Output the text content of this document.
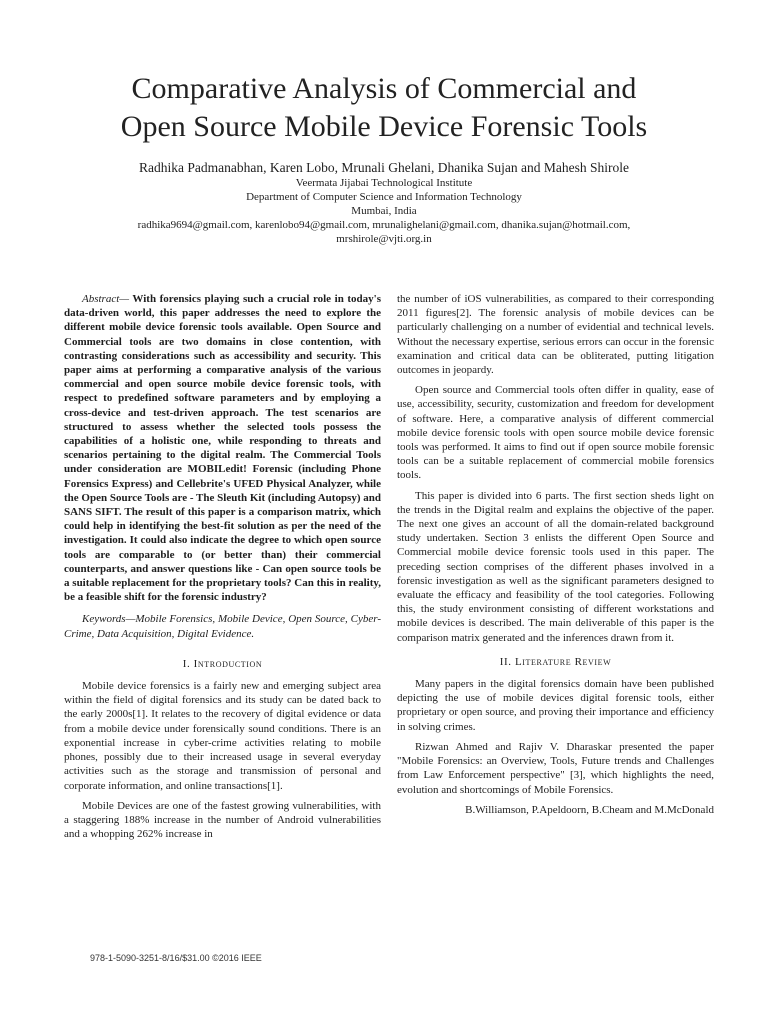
Comparative Analysis of Commercial and
Open Source Mobile Device Forensic Tools
Radhika Padmanabhan, Karen Lobo, Mrunali Ghelani, Dhanika Sujan and Mahesh Shirole
Veermata Jijabai Technological Institute
Department of Computer Science and Information Technology
Mumbai, India
radhika9694@gmail.com, karenlobo94@gmail.com, mrunalighelani@gmail.com, dhanika.sujan@hotmail.com,
mrshirole@vjti.org.in
Abstract— With forensics playing such a crucial role in today's data-driven world, this paper addresses the need to explore the different mobile device forensic tools available. Open Source and Commercial tools are two domains in close contention, with contrasting considerations such as accessibility and security. This paper aims at performing a comparative analysis of the various commercial and open source mobile device forensic tools, with respect to predefined software parameters and by employing a cross-device and test-driven approach. The test scenarios are structured to assess whether the selected tools possess the capabilities of a holistic one, while responding to threats and scenarios pertaining to the digital realm. The Commercial Tools under consideration are MOBILedit! Forensic (including Phone Forensics Express) and Cellebrite's UFED Physical Analyzer, while the Open Source Tools are - The Sleuth Kit (including Autopsy) and SANS SIFT. The result of this paper is a comparison matrix, which could help in identifying the best-fit solution as per the need of the investigation. It could also indicate the degree to which open source tools are comparable to (or better than) their commercial counterparts, and answer questions like - Can open source tools be a suitable replacement for the proprietary tools? Can this in reality, be a feasible shift for the forensic industry?
Keywords—Mobile Forensics, Mobile Device, Open Source, Cyber-Crime, Data Acquisition, Digital Evidence.
I. Introduction

Mobile device forensics is a fairly new and emerging subject area within the field of digital forensics and its study can be dated back to the early 2000s[1]. It relates to the recovery of digital evidence or data from a mobile device under forensically sound conditions. There is an exponential increase in cyber-crime activities relating to mobile phones, possibly due to their increased usage in several everyday activities such as the storage and transmission of personal and corporate information, and online transactions[1].

Mobile Devices are one of the fastest growing vulnerabilities, with a staggering 188% increase in the number of Android vulnerabilities and a whopping 262% increase in

the number of iOS vulnerabilities, as compared to their corresponding 2011 figures[2]. The forensic analysis of mobile devices can be particularly challenging on a number of evidential and technical levels. Without the necessary expertise, serious errors can occur in the forensic examination and critical data can be obliterated, putting litigation outcomes in jeopardy.

Open source and Commercial tools often differ in quality, ease of use, accessibility, security, customization and freedom for development of software. Here, a comparative analysis of different commercial mobile device forensic tools with open source mobile device forensic tools was performed. It aims to find out if open source mobile forensic tools can be a suitable replacement of commercial mobile forensics tools.

This paper is divided into 6 parts. The first section sheds light on the trends in the Digital realm and explains the objective of the paper. The next one gives an account of all the domain-related background study undertaken. Section 3 enlists the different Open Source and Commercial mobile device forensic tools used in this paper. The preceding section comprises of the different phases involved in a forensic investigation as well as the significant parameters designed to evaluate the efficacy and feasibility of the tool categories. Following this, the study environment consisting of different workstations and mobile devices is described. The main deliverable of this paper is the comparison matrix generated and the inferences drawn from it.

II. Literature Review

Many papers in the digital forensics domain have been published depicting the use of mobile devices digital forensic tools, either proprietary or open source, and proving their importance and efficiency in solving crimes.

Rizwan Ahmed and Rajiv V. Dharaskar presented the paper "Mobile Forensics: an Overview, Tools, Future trends and Challenges from Law Enforcement perspective" [3], which highlights the need, evolution and shortcomings of Mobile Forensics.

B.Williamson, P.Apeldoorn, B.Cheam and M.McDonald

978-1-5090-3251-8/16/$31.00 ©2016 IEEE
